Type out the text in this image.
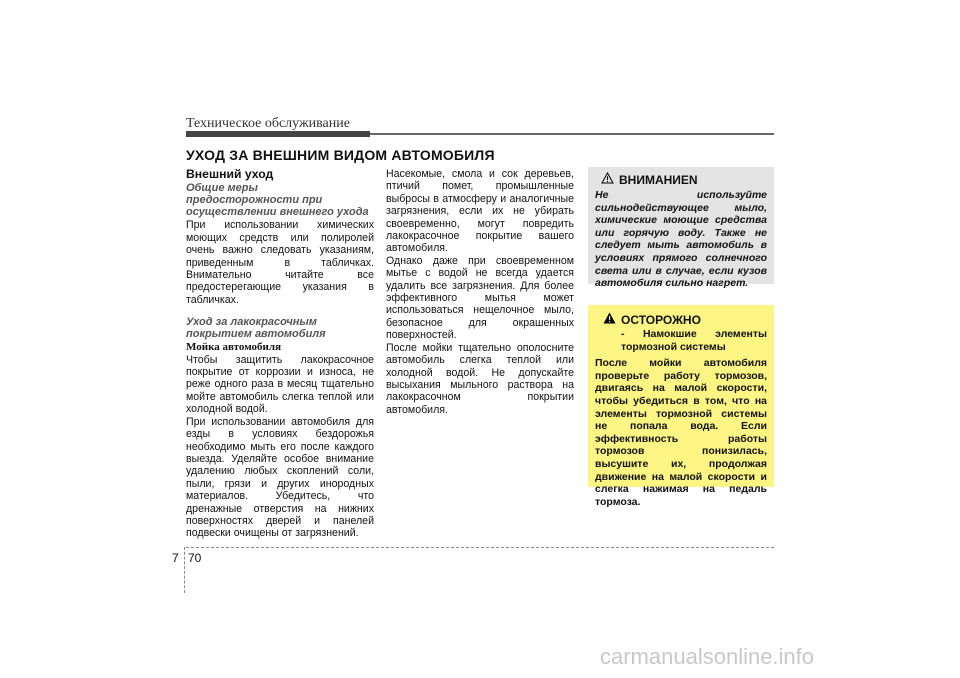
Техническое обслуживание
УХОД ЗА ВНЕШНИМ ВИДОМ АВТОМОБИЛЯ
Внешний уход
Общие меры предосторожности при осуществлении внешнего ухода

При использовании химических моющих средств или полиролей очень важно следовать указаниям, приведенным в табличках. Внимательно читайте все предостерегающие указания в табличках.

Уход за лакокрасочным покрытием автомобиля
Мойка автомобиля

Чтобы защитить лакокрасочное покрытие от коррозии и износа, не реже одного раза в месяц тщательно мойте автомобиль слегка теплой или холодной водой.

При использовании автомобиля для езды в условиях бездорожья необходимо мыть его после каждого выезда. Уделяйте особое внимание удалению любых скоплений соли, пыли, грязи и других инородных материалов. Убедитесь, что дренажные отверстия на нижних поверхностях дверей и панелей подвески очищены от загрязнений.

Насекомые, смола и сок деревьев, птичий помет, промышленные выбросы в атмосферу и аналогичные загрязнения, если их не убирать своевременно, могут повредить лакокрасочное покрытие вашего автомобиля.

Однако даже при своевременном мытье с водой не всегда удается удалить все загрязнения. Для более эффективного мытья может использоваться нещелочное мыло, безопасное для окрашенных поверхностей.

После мойки тщательно ополосните автомобиль слегка теплой или холодной водой. Не допускайте высыхания мыльного раствора на лакокрасочном покрытии автомобиля.

ВНИМАНИЕN
Не используйте сильнодействующее мыло, химические моющие средства или горячую воду. Также не следует мыть автомобиль в условиях прямого солнечного света или в случае, если кузов автомобиля сильно нагрет.
ОСТОРОЖНО
- Намокшие элементы тормозной системы
После мойки автомобиля проверьте работу тормозов, двигаясь на малой скорости, чтобы убедиться в том, что на элементы тормозной системы не попала вода. Если эффективность работы тормозов понизилась, высушите их, продолжая движение на малой скорости и слегка нажимая на педаль тормоза.
7 70
carmanualsonline.info
